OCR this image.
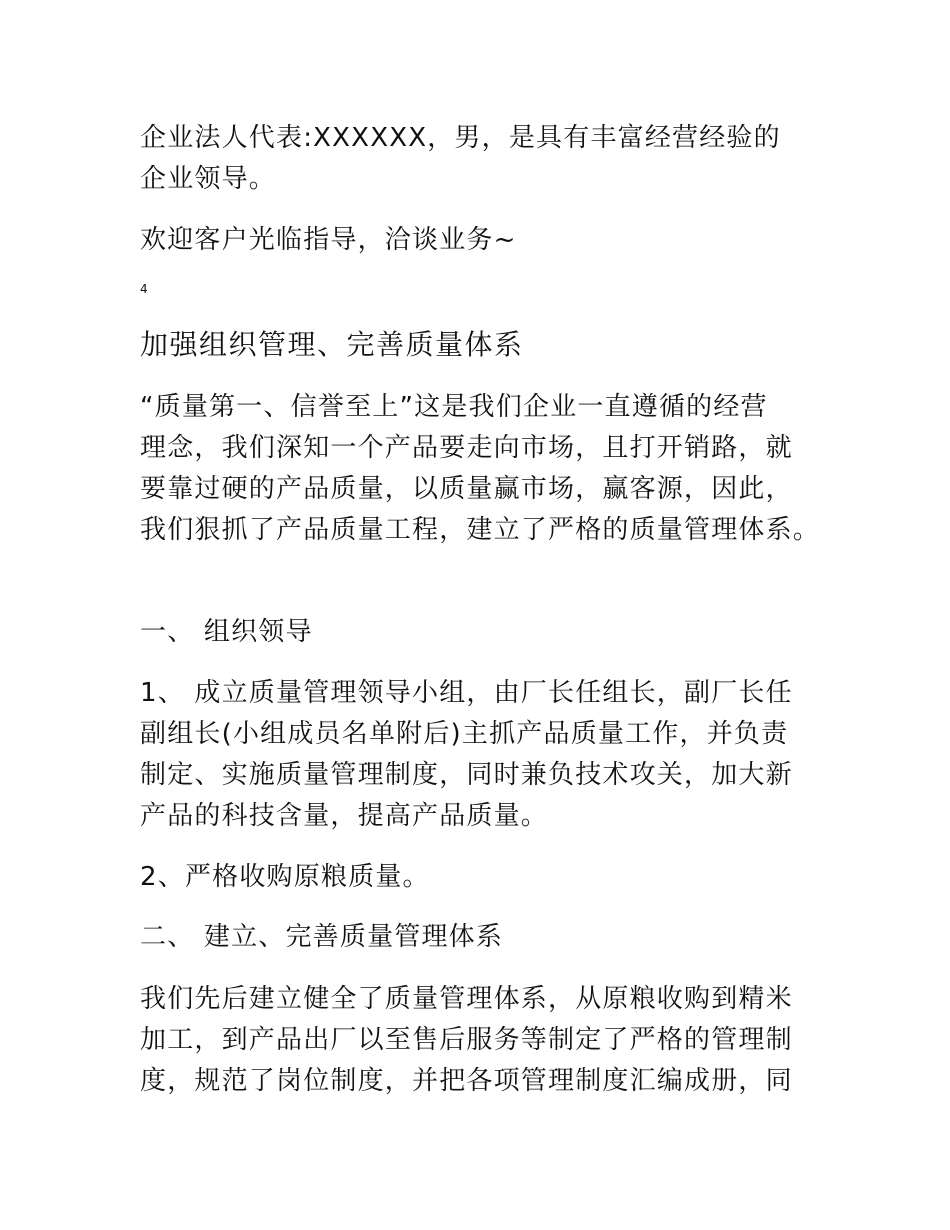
企业法人代表:XXXXXX，男，是具有丰富经营经验的
企业领导。
欢迎客户光临指导，洽谈业务~
4
加强组织管理、完善质量体系
“质量第一、信誉至上”这是我们企业一直遵循的经营
理念，我们深知一个产品要走向市场，且打开销路，就
要靠过硬的产品质量，以质量赢市场，赢客源，因此，
我们狠抓了产品质量工程，建立了严格的质量管理体系。
一、 组织领导
1、 成立质量管理领导小组，由厂长任组长，副厂长任
副组长(小组成员名单附后)主抓产品质量工作，并负责
制定、实施质量管理制度，同时兼负技术攻关，加大新
产品的科技含量，提高产品质量。
2、严格收购原粮质量。
二、 建立、完善质量管理体系
我们先后建立健全了质量管理体系，从原粮收购到精米
加工，到产品出厂以至售后服务等制定了严格的管理制
度，规范了岗位制度，并把各项管理制度汇编成册，同
